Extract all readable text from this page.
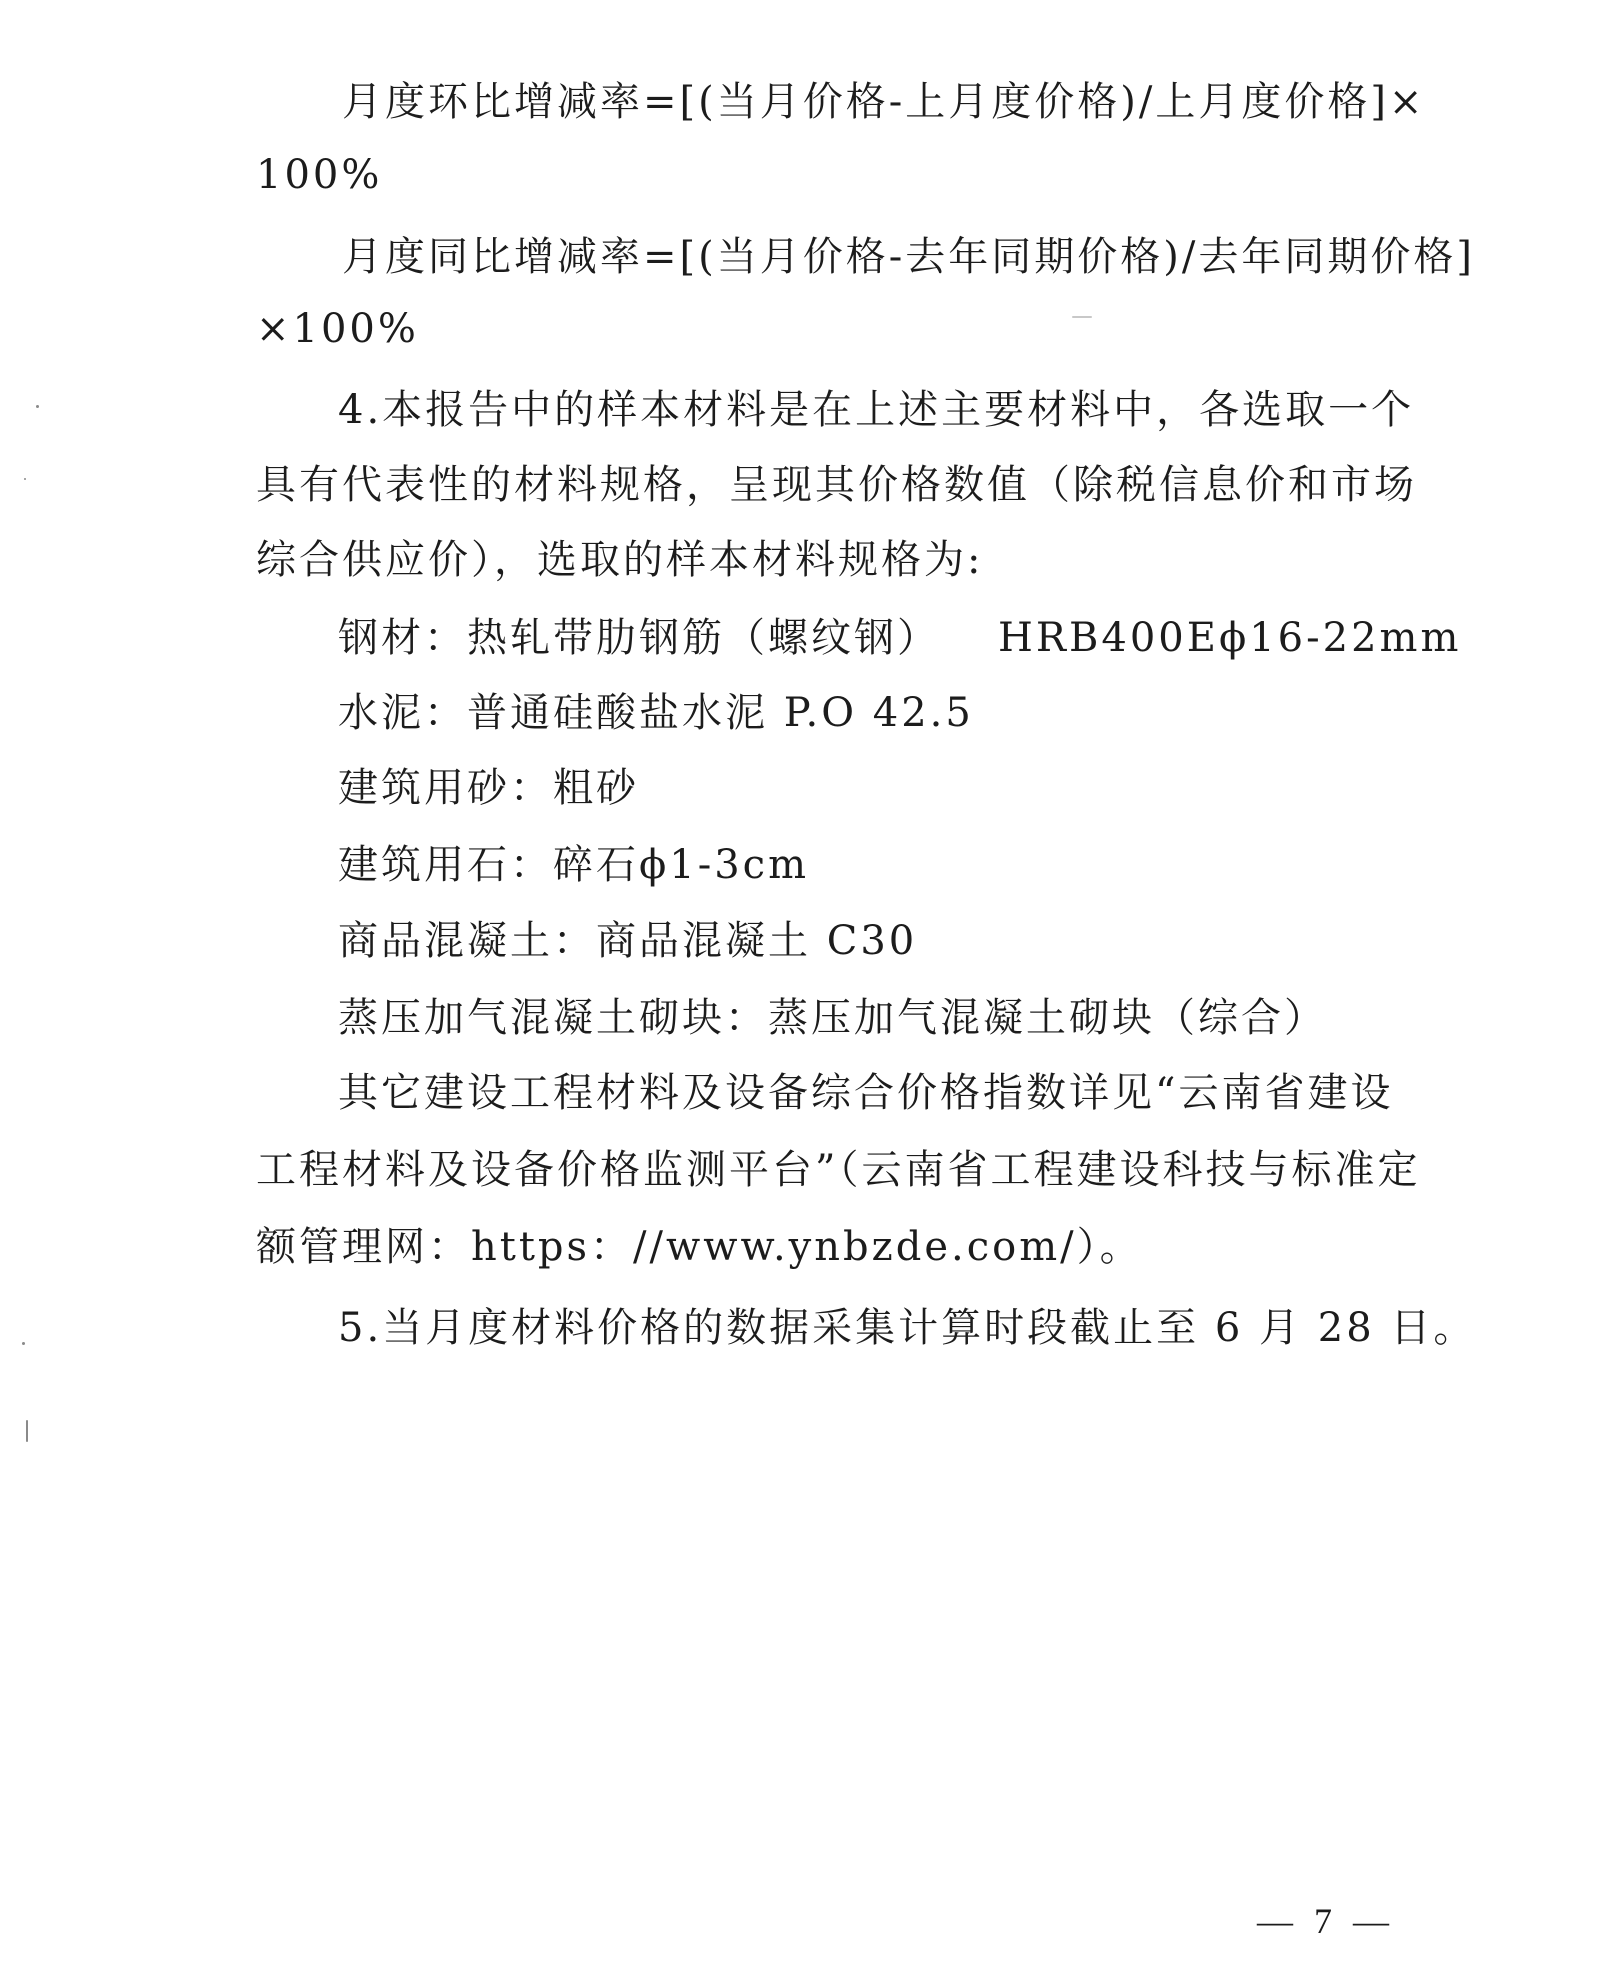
月度环比增减率=[(当月价格-上月度价格)/上月度价格]×
100%
月度同比增减率=[(当月价格-去年同期价格)/去年同期价格]
×100%
4.本报告中的样本材料是在上述主要材料中，各选取一个
具有代表性的材料规格，呈现其价格数值（除税信息价和市场
综合供应价），选取的样本材料规格为:
钢材：热轧带肋钢筋（螺纹钢） HRB400Eϕ16-22mm
水泥：普通硅酸盐水泥 P.O 42.5
建筑用砂：粗砂
建筑用石：碎石ϕ1-3cm
商品混凝土：商品混凝土 C30
蒸压加气混凝土砌块：蒸压加气混凝土砌块（综合）
其它建设工程材料及设备综合价格指数详见“云南省建设
工程材料及设备价格监测平台”（云南省工程建设科技与标准定
额管理网：https：//www.ynbzde.com/）。
5.当月度材料价格的数据采集计算时段截止至 6 月 28 日。
— 7 —
